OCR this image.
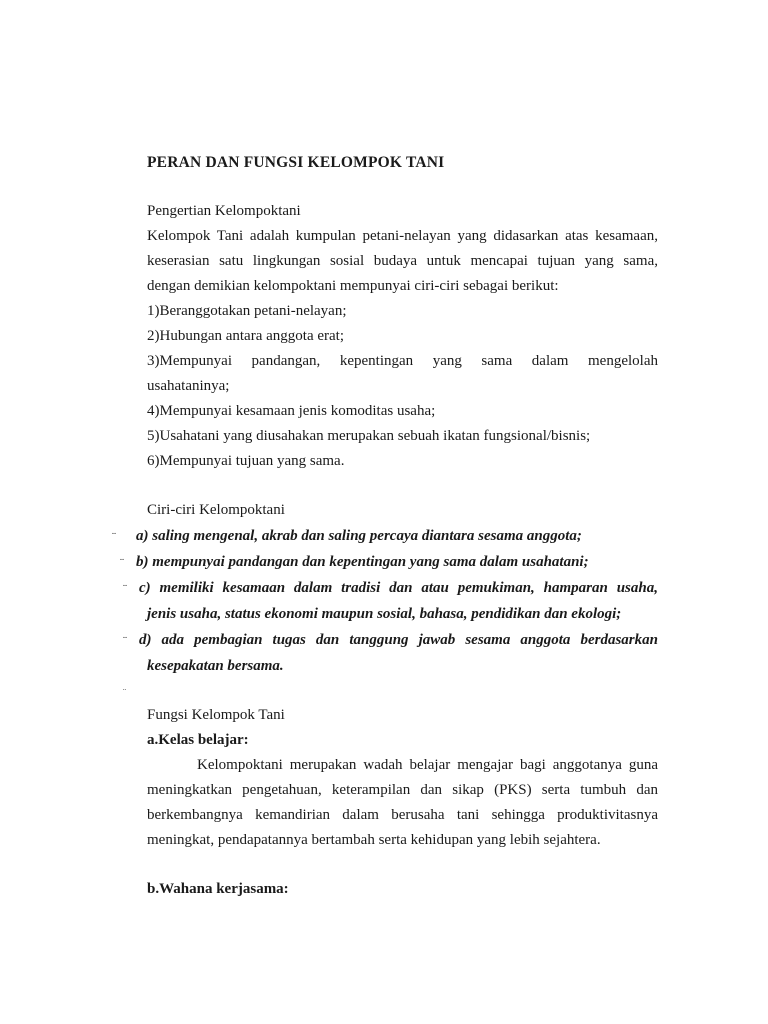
PERAN DAN FUNGSI KELOMPOK TANI
Pengertian Kelompoktani
Kelompok Tani adalah kumpulan petani-nelayan yang didasarkan atas kesamaan,
keserasian satu lingkungan sosial budaya untuk mencapai tujuan yang sama,
dengan demikian kelompoktani mempunyai ciri-ciri sebagai berikut:
1)Beranggotakan petani-nelayan;
2)Hubungan antara anggota erat;
3)Mempunyai pandangan, kepentingan yang sama dalam mengelolah
usahataninya;
4)Mempunyai kesamaan jenis komoditas usaha;
5)Usahatani yang diusahakan merupakan sebuah ikatan fungsional/bisnis;
6)Mempunyai tujuan yang sama.
Ciri-ciri Kelompoktani
¨ a) saling mengenal, akrab dan saling percaya diantara sesama anggota;
¨ b) mempunyai pandangan dan kepentingan yang sama dalam usahatani;
¨ c) memiliki kesamaan dalam tradisi dan atau pemukiman, hamparan usaha,
jenis usaha, status ekonomi maupun sosial, bahasa, pendidikan dan ekologi;
¨ d) ada pembagian tugas dan tanggung jawab sesama anggota berdasarkan
kesepakatan bersama.
¨
Fungsi Kelompok Tani
a.Kelas belajar:
Kelompoktani merupakan wadah belajar mengajar bagi anggotanya guna
meningkatkan pengetahuan, keterampilan dan sikap (PKS) serta tumbuh dan
berkembangnya kemandirian dalam berusaha tani sehingga produktivitasnya
meningkat, pendapatannya bertambah serta kehidupan yang lebih sejahtera.
b.Wahana kerjasama:
